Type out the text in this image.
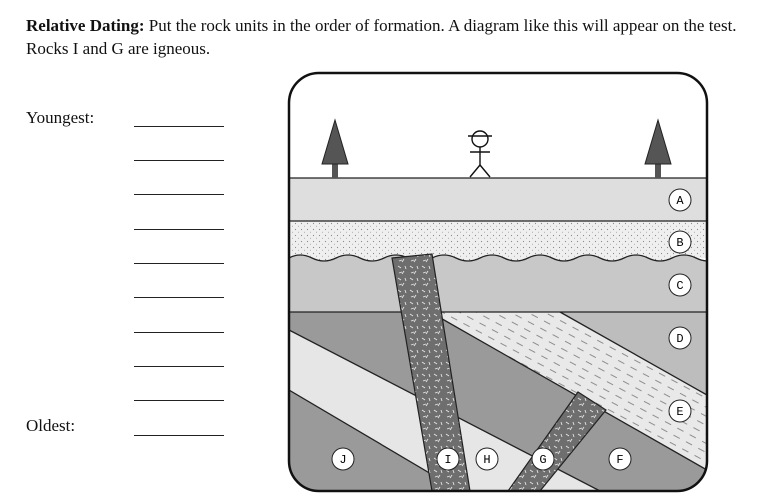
Relative Dating: Put the rock units in the order of formation. A diagram like this will appear on the test. Rocks I and G are igneous.
Youngest:
Oldest:
A
B
C
D
E
F
G
H
I
J
